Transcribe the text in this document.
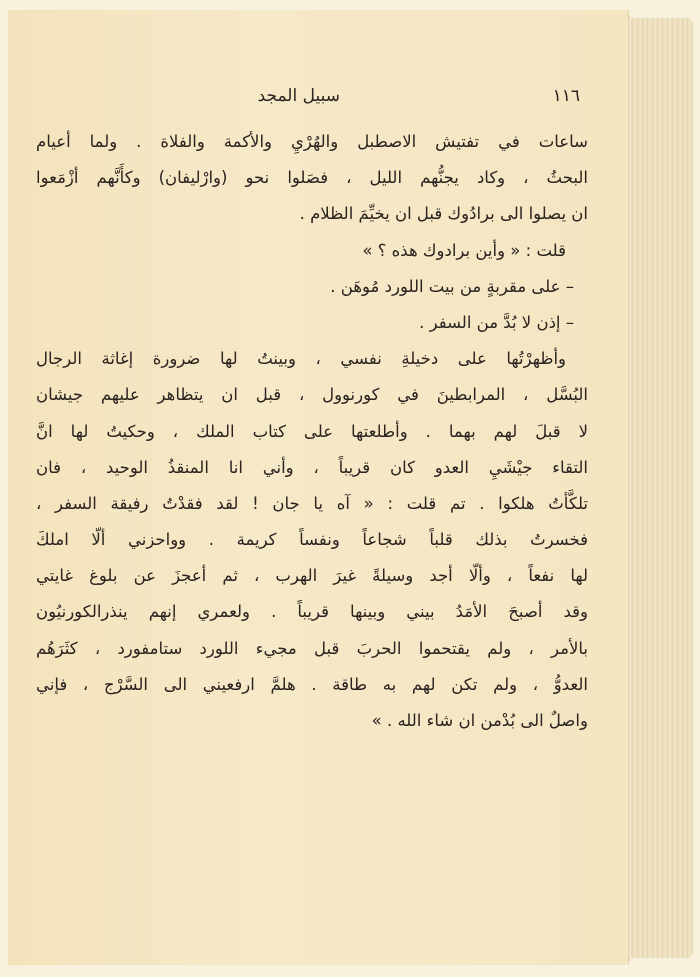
١١٦
سبيل المجد
ساعات في تفتيش الاصطبل والهُرْيِ والأكمة والفلاة . ولما أعيام
البحثُ ، وكاد يجنُّهم الليل ، فصَلوا نحو (وارْليفان) وكأَنَّهم أزْمَعوا
ان يصلوا الى برادُوك قبل ان يخيِّمَ الظلام .
قلت : « وأين برادوك هذه ؟ »
– على مقربةٍ من بيت اللورد مُوهَن .
– إذن لا بُدَّ من السفر .
وأظهرْتُها على دخيلةِ نفسي ، وبينتُ لها ضرورة إغاثة الرجال
البُسَّل ، المرابطينَ في كورنوول ، قبل ان يتظاهر عليهم جيشان
لا قبلَ لهم بهما . وأطلعتها على كتاب الملك ، وحكيتُ لها انَّ
التقاء جيْشَيِ العدو كان قريباً ، وأني انا المنقذُ الوحيد ، فان
تلكَّأتُ هلكوا . تم قلت : « آه يا جان ! لقد فقدْتُ رفيقة السفر ،
فخسرتُ بذلك قلباً شجاعاً ونفساً كريمة . وواحزني ألّا املكَ
لها نفعاً ، وألّا أجد وسيلةً غيرَ الهرب ، ثم أعجزَ عن بلوغ غايتي
وقد أصبحَ الأمَدُ بيني وبينها قريباً . ولعمري إنهم ينذرالكورنيُون
بالأمر ، ولم يقتحموا الحربَ قبل مجيء اللورد ستامفورد ، كثَرَهُم
العدوُّ ، ولم تكن لهم به طاقة . هلمَّ ارفعيني الى السَّرْج ، فإني
واصلٌ الى بُدْمن ان شاء الله . »
